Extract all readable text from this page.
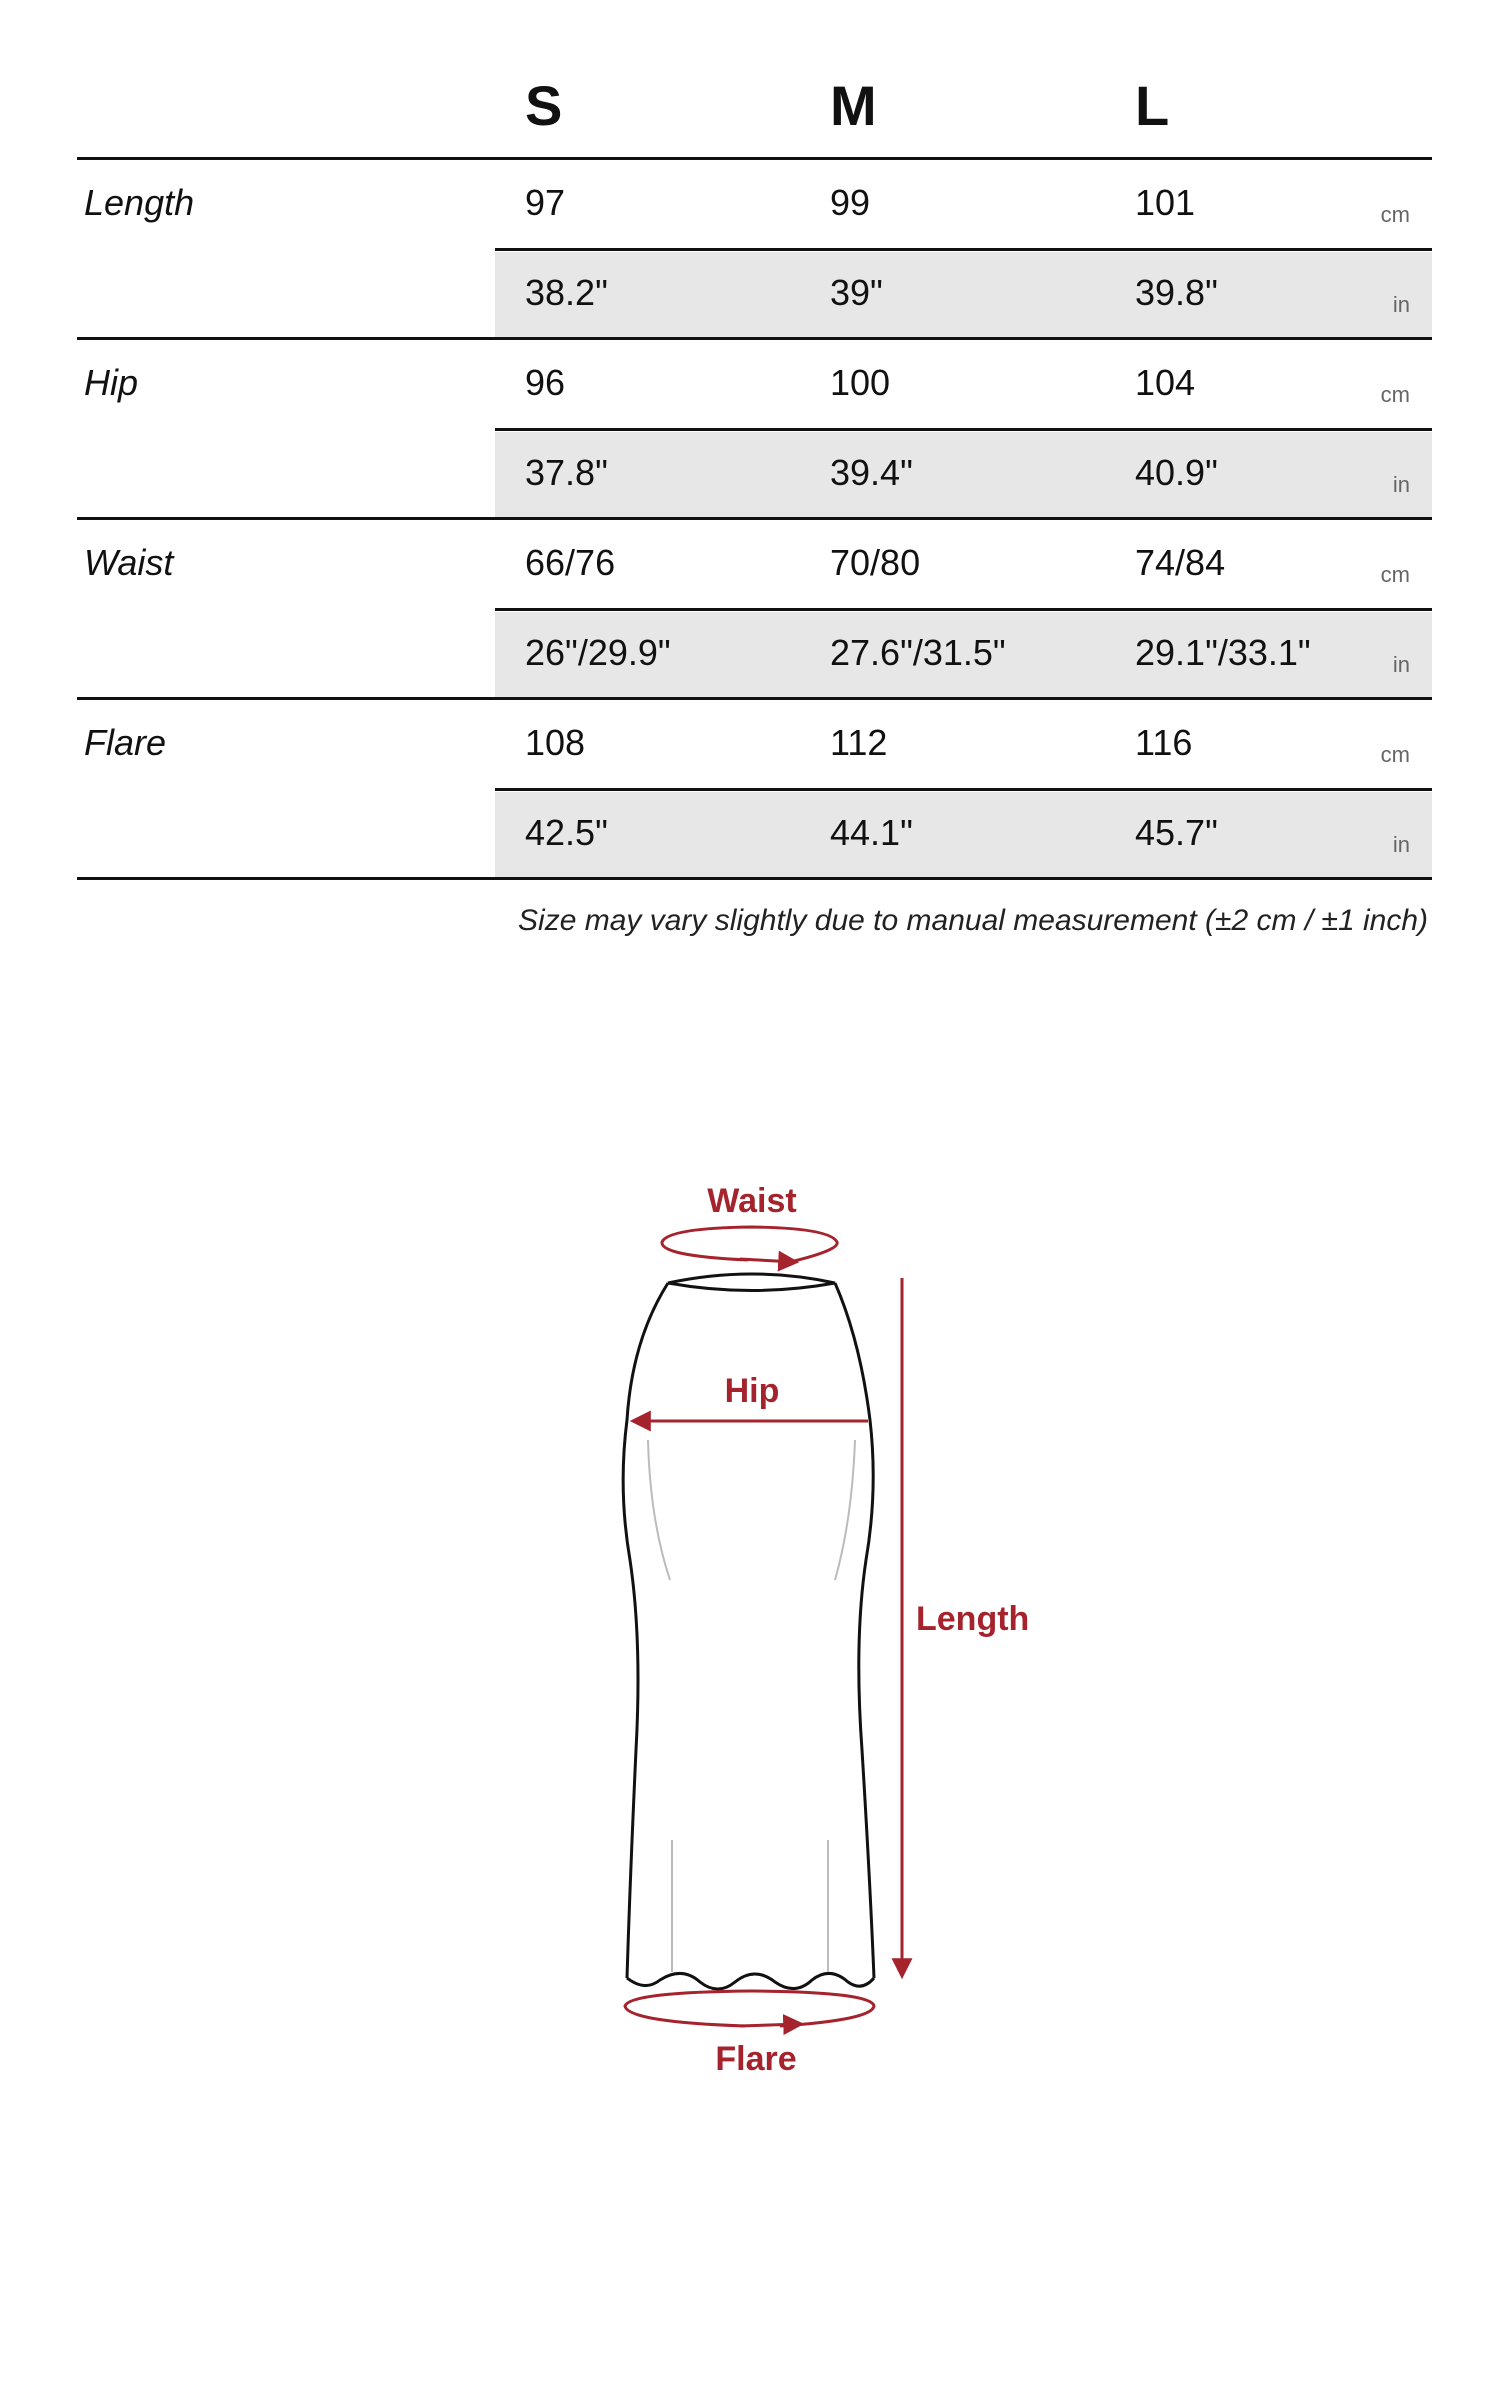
S	M	L
Length	97	99	101	cm
38.2"	39"	39.8"	in
Hip	96	100	104	cm
37.8"	39.4"	40.9"	in
Waist	66/76	70/80	74/84	cm
26"/29.9"	27.6"/31.5"	29.1"/33.1"	in
Flare	108	112	116	cm
42.5"	44.1"	45.7"	in
Size may vary slightly due to manual measurement (±2 cm / ±1 inch)
Waist
Hip
Length
Flare
